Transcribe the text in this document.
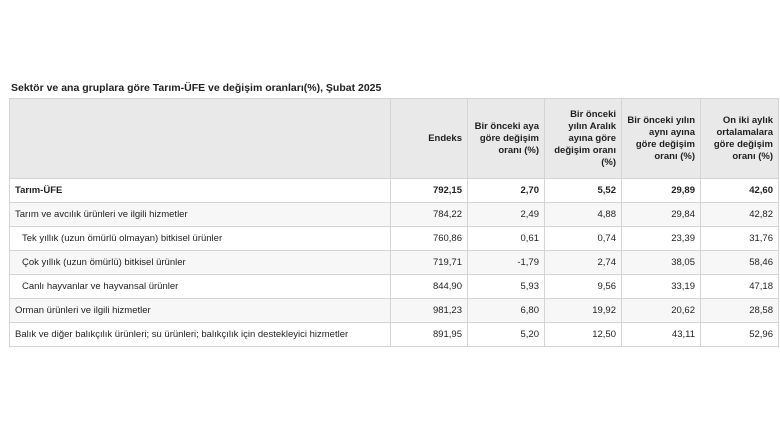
Sektör ve ana gruplara göre Tarım-ÜFE ve değişim oranları(%), Şubat 2025
	Endeks	Bir önceki aya göre değişim oranı (%)	Bir önceki yılın Aralık ayına göre değişim oranı (%)	Bir önceki yılın aynı ayına göre değişim oranı (%)	On iki aylık ortalamalara göre değişim oranı (%)
Tarım-ÜFE	792,15	2,70	5,52	29,89	42,60
Tarım ve avcılık ürünleri ve ilgili hizmetler	784,22	2,49	4,88	29,84	42,82
Tek yıllık (uzun ömürlü olmayan) bitkisel ürünler	760,86	0,61	0,74	23,39	31,76
Çok yıllık (uzun ömürlü) bitkisel ürünler	719,71	-1,79	2,74	38,05	58,46
Canlı hayvanlar ve hayvansal ürünler	844,90	5,93	9,56	33,19	47,18
Orman ürünleri ve ilgili hizmetler	981,23	6,80	19,92	20,62	28,58
Balık ve diğer balıkçılık ürünleri; su ürünleri; balıkçılık için destekleyici hizmetler	891,95	5,20	12,50	43,11	52,96
